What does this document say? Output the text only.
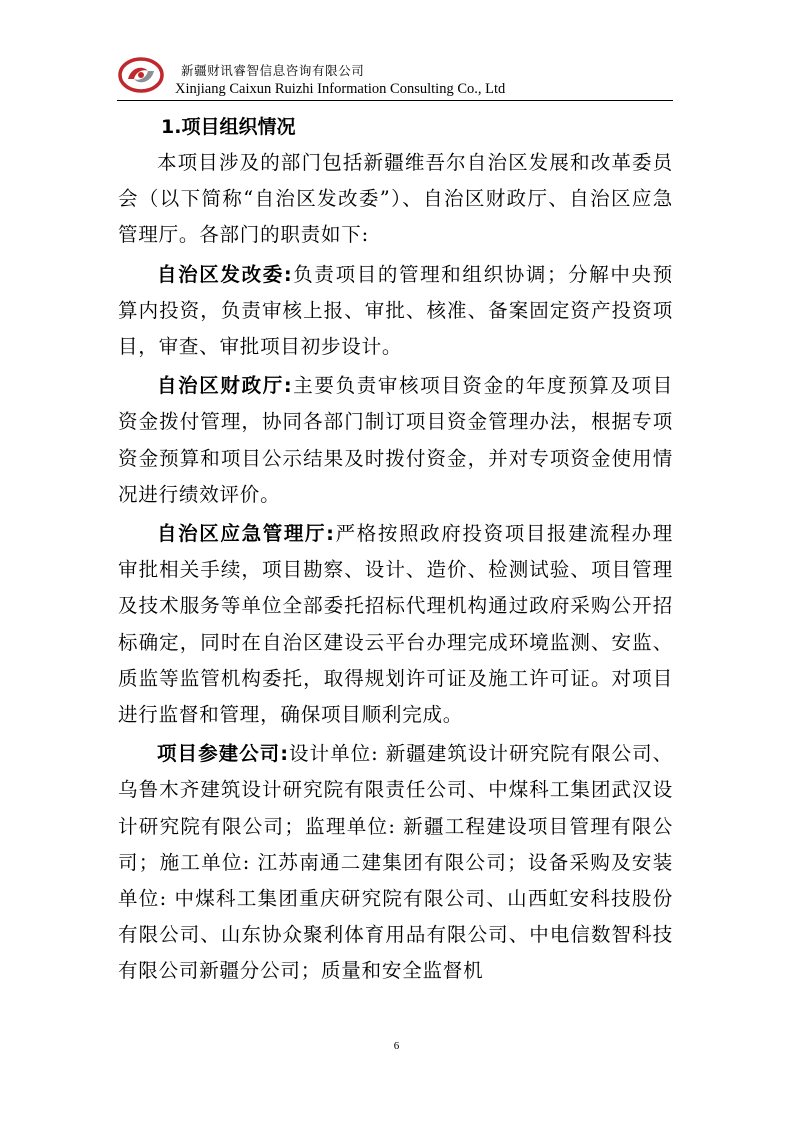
新疆财讯睿智信息咨询有限公司
Xinjiang Caixun Ruizhi Information Consulting Co., Ltd
1.项目组织情况

本项目涉及的部门包括新疆维吾尔自治区发展和改革委员会（以下简称“自治区发改委”）、自治区财政厅、自治区应急管理厅。各部门的职责如下:

自治区发改委:负责项目的管理和组织协调；分解中央预算内投资，负责审核上报、审批、核准、备案固定资产投资项目，审查、审批项目初步设计。

自治区财政厅:主要负责审核项目资金的年度预算及项目资金拨付管理，协同各部门制订项目资金管理办法，根据专项资金预算和项目公示结果及时拨付资金，并对专项资金使用情况进行绩效评价。

自治区应急管理厅:严格按照政府投资项目报建流程办理审批相关手续，项目勘察、设计、造价、检测试验、项目管理及技术服务等单位全部委托招标代理机构通过政府采购公开招标确定，同时在自治区建设云平台办理完成环境监测、安监、质监等监管机构委托，取得规划许可证及施工许可证。对项目进行监督和管理，确保项目顺利完成。

项目参建公司:设计单位: 新疆建筑设计研究院有限公司、乌鲁木齐建筑设计研究院有限责任公司、中煤科工集团武汉设计研究院有限公司；监理单位: 新疆工程建设项目管理有限公司；施工单位: 江苏南通二建集团有限公司；设备采购及安装单位: 中煤科工集团重庆研究院有限公司、山西虹安科技股份有限公司、山东协众聚利体育用品有限公司、中电信数智科技有限公司新疆分公司；质量和安全监督机

6
